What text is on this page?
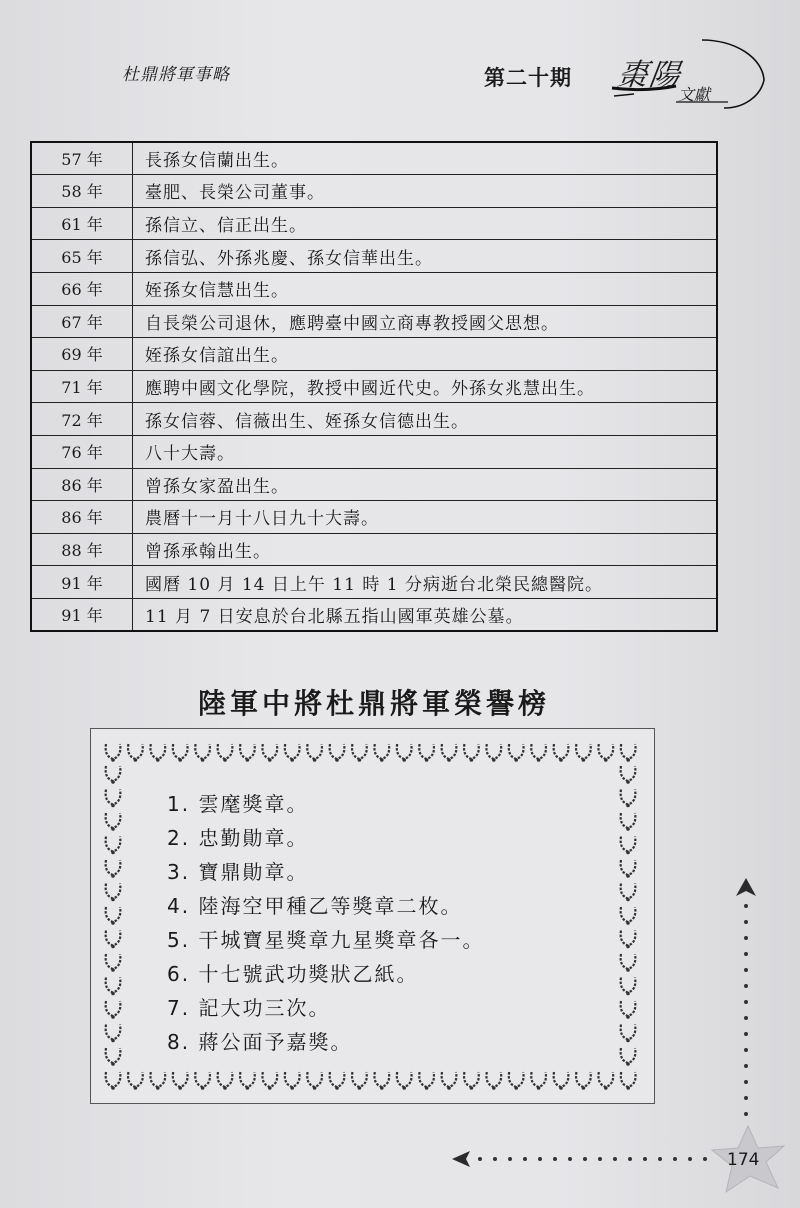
杜鼎將軍事略	第二十期 棗陽
文獻
57 年	長孫女信蘭出生。
58 年	臺肥、長榮公司董事。
61 年	孫信立、信正出生。
65 年	孫信弘、外孫兆慶、孫女信華出生。
66 年	姪孫女信慧出生。
67 年	自長榮公司退休，應聘臺中國立商專教授國父思想。
69 年	姪孫女信誼出生。
71 年	應聘中國文化學院，教授中國近代史。外孫女兆慧出生。
72 年	孫女信蓉、信薇出生、姪孫女信德出生。
76 年	八十大壽。
86 年	曾孫女家盈出生。
86 年	農曆十一月十八日九十大壽。
88 年	曾孫承翰出生。
91 年	國曆 10 月 14 日上午 11 時 1 分病逝台北榮民總醫院。
91 年	11 月 7 日安息於台北縣五指山國軍英雄公墓。
陸軍中將杜鼎將軍榮譽榜
1. 雲麾獎章。
2. 忠勤勛章。
3. 寶鼎勛章。
4. 陸海空甲種乙等獎章二枚。
5. 干城寶星獎章九星獎章各一。
6. 十七號武功獎狀乙紙。
7. 記大功三次。
8. 蔣公面予嘉獎。
174
